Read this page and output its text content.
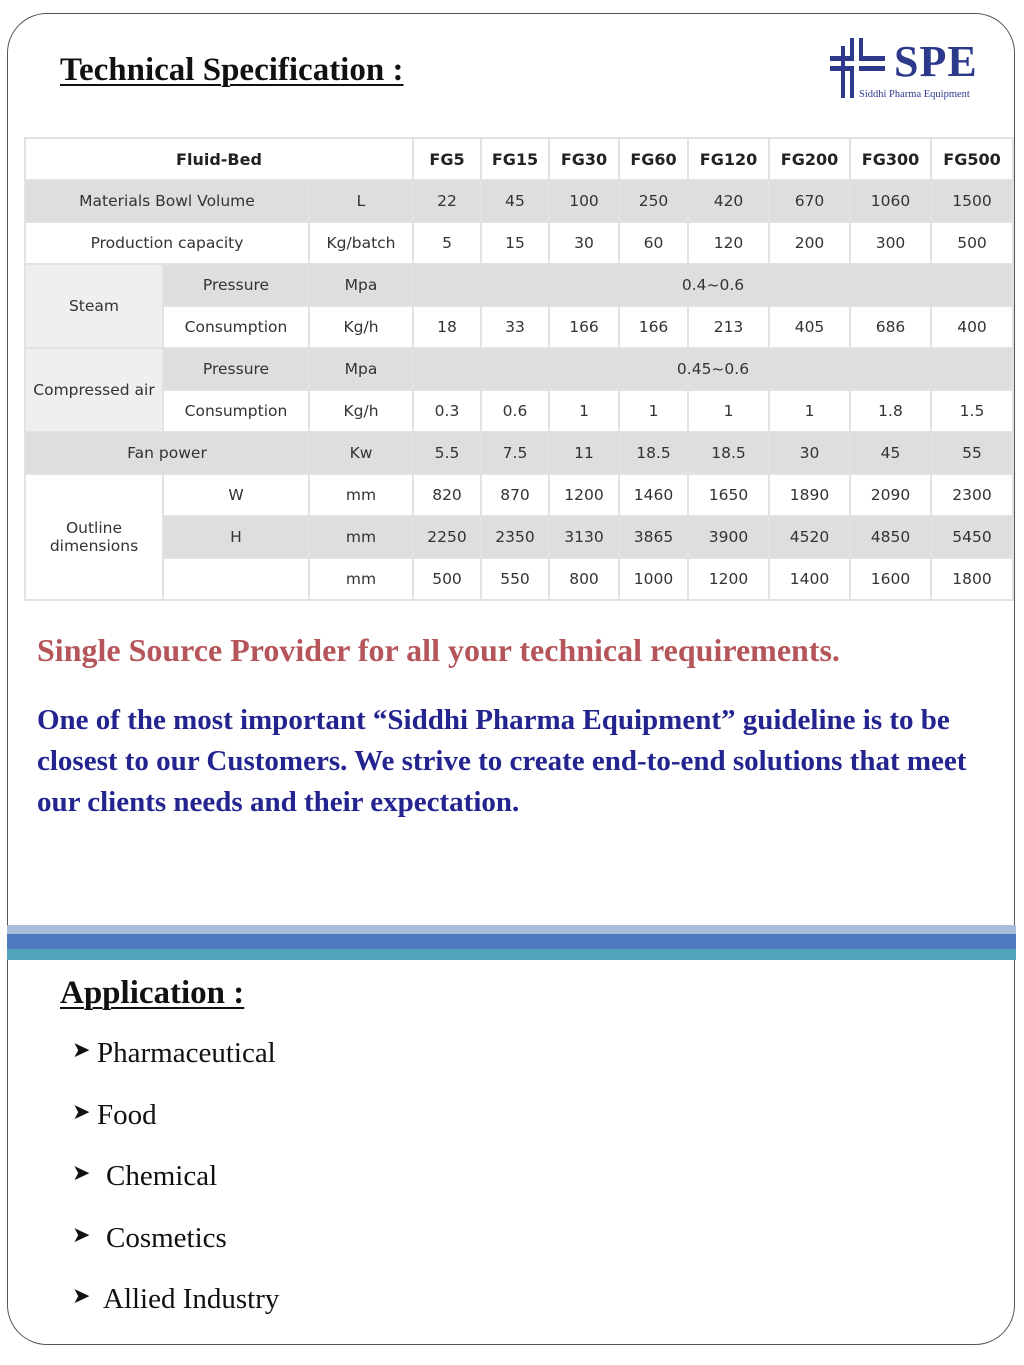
Technical Specification :	SPE
Siddhi Pharma Equipment
Fluid-Bed			FG5	FG15	FG30	FG60	FG120	FG200	FG300	FG500
Materials Bowl Volume		L	22	45	100	250	420	670	1060	1500
Production capacity		Kg/batch	5	15	30	60	120	200	300	500
Steam	Pressure	Mpa	0.4~0.6							
	Consumption	Kg/h	18	33	166	166	213	405	686	400
Compressed air	Pressure	Mpa	0.45~0.6							
	Consumption	Kg/h	0.3	0.6	1	1	1	1	1.8	1.5
Fan power		Kw	5.5	7.5	11	18.5	18.5	30	45	55
Outline dimensions	W	mm	820	870	1200	1460	1650	1890	2090	2300
	H	mm	2250	2350	3130	3865	3900	4520	4850	5450
		mm	500	550	800	1000	1200	1400	1600	1800

Single Source Provider for all your technical requirements.

One of the most important “Siddhi Pharma Equipment” guideline is to be closest to our Customers. We strive to create end-to-end solutions that meet our clients needs and their expectation.

Application :
➤ Pharmaceutical
➤ Food
➤ Chemical
➤ Cosmetics
➤ Allied Industry
